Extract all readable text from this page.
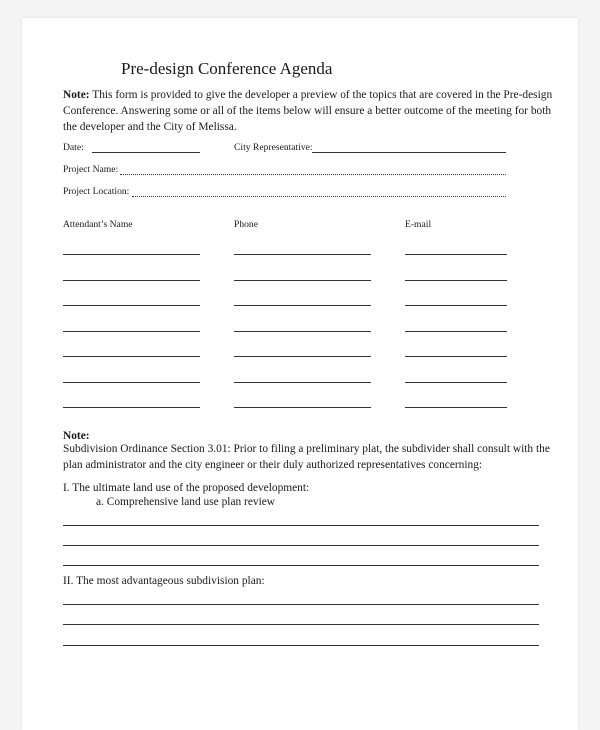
Pre-design Conference Agenda
Note: This form is provided to give the developer a preview of the topics that are covered in the Pre-design Conference. Answering some or all of the items below will ensure a better outcome of the meeting for both the developer and the City of Melissa.
Date:	City Representative:
Project Name:
Project Location:
Attendant’s Name	Phone	E-mail
Note:
Subdivision Ordinance Section 3.01: Prior to filing a preliminary plat, the subdivider shall consult with the plan administrator and the city engineer or their duly authorized representatives concerning:
I. The ultimate land use of the proposed development:
a. Comprehensive land use plan review
II. The most advantageous subdivision plan:
